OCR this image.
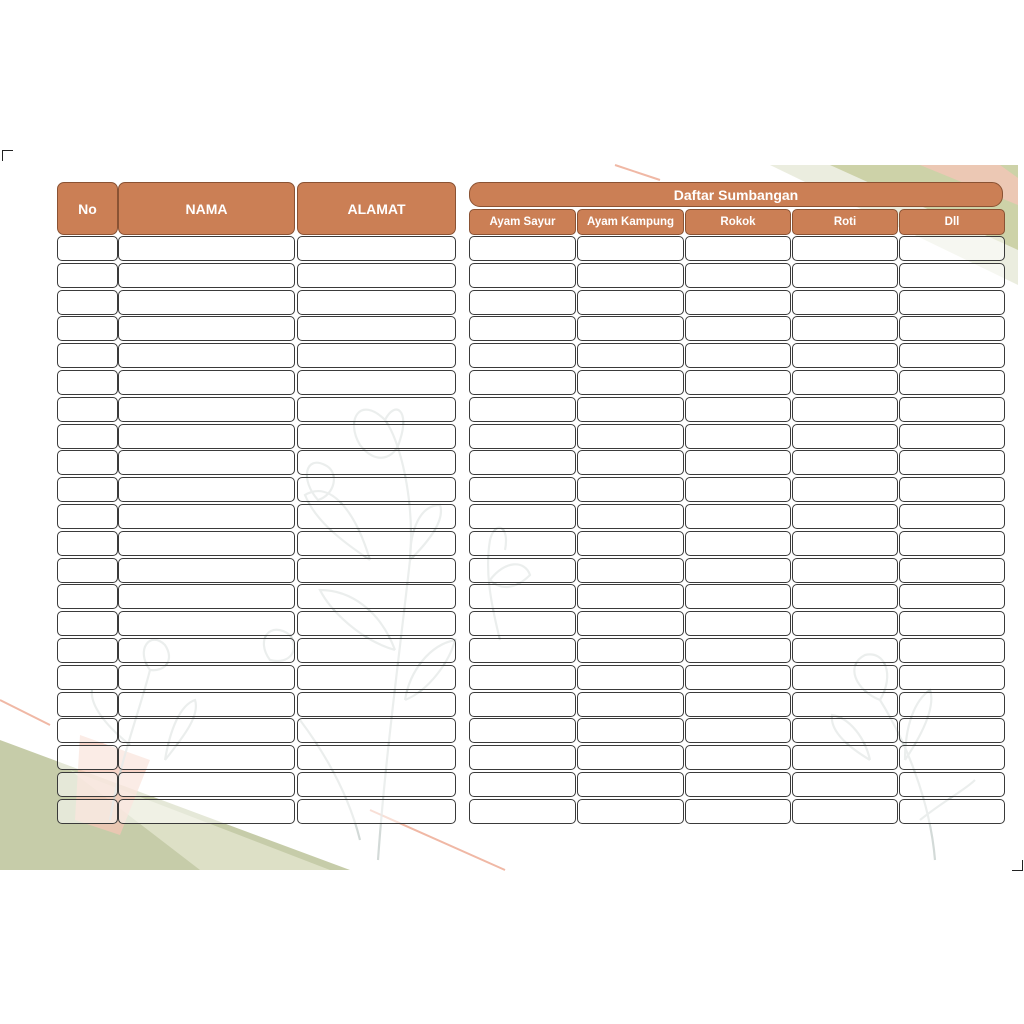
No	NAMA	ALAMAT
Daftar Sumbangan
Ayam Sayur	Ayam Kampung	Rokok	Roti	Dll
